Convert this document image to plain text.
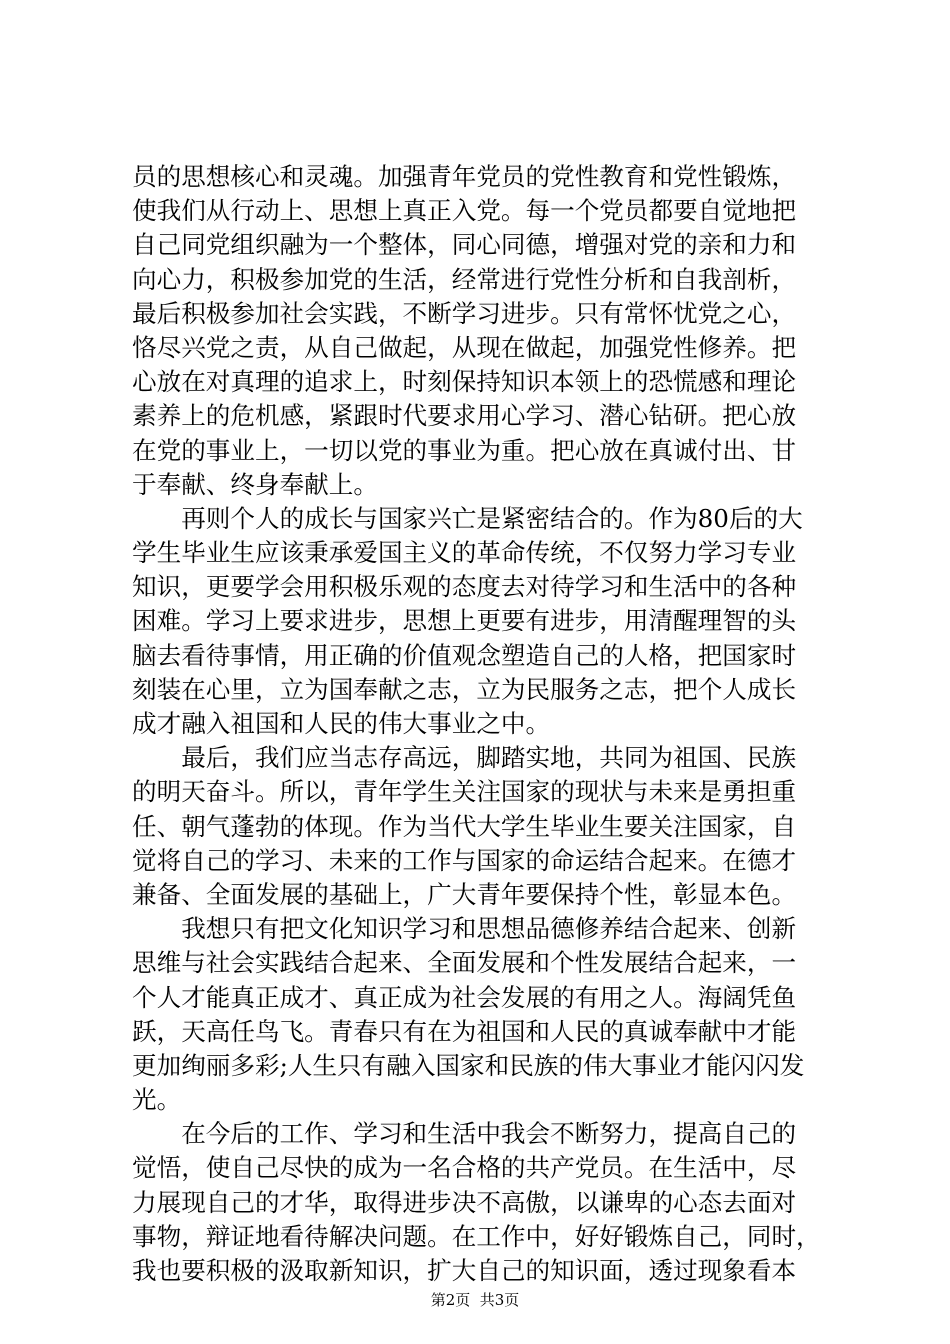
员的思想核心和灵魂。加强青年党员的党性教育和党性锻炼，
使我们从行动上、思想上真正入党。每一个党员都要自觉地把
自己同党组织融为一个整体，同心同德，增强对党的亲和力和
向心力，积极参加党的生活，经常进行党性分析和自我剖析，
最后积极参加社会实践，不断学习进步。只有常怀忧党之心，
恪尽兴党之责，从自己做起，从现在做起，加强党性修养。把
心放在对真理的追求上，时刻保持知识本领上的恐慌感和理论
素养上的危机感，紧跟时代要求用心学习、潜心钻研。把心放
在党的事业上，一切以党的事业为重。把心放在真诚付出、甘
于奉献、终身奉献上。
　　再则个人的成长与国家兴亡是紧密结合的。作为80后的大
学生毕业生应该秉承爱国主义的革命传统，不仅努力学习专业
知识，更要学会用积极乐观的态度去对待学习和生活中的各种
困难。学习上要求进步，思想上更要有进步，用清醒理智的头
脑去看待事情，用正确的价值观念塑造自己的人格，把国家时
刻装在心里，立为国奉献之志，立为民服务之志，把个人成长
成才融入祖国和人民的伟大事业之中。
　　最后，我们应当志存高远，脚踏实地，共同为祖国、民族
的明天奋斗。所以，青年学生关注国家的现状与未来是勇担重
任、朝气蓬勃的体现。作为当代大学生毕业生要关注国家，自
觉将自己的学习、未来的工作与国家的命运结合起来。在德才
兼备、全面发展的基础上，广大青年要保持个性，彰显本色。
　　我想只有把文化知识学习和思想品德修养结合起来、创新
思维与社会实践结合起来、全面发展和个性发展结合起来，一
个人才能真正成才、真正成为社会发展的有用之人。海阔凭鱼
跃，天高任鸟飞。青春只有在为祖国和人民的真诚奉献中才能
更加绚丽多彩;人生只有融入国家和民族的伟大事业才能闪闪发
光。
　　在今后的工作、学习和生活中我会不断努力，提高自己的
觉悟，使自己尽快的成为一名合格的共产党员。在生活中，尽
力展现自己的才华，取得进步决不高傲，以谦卑的心态去面对
事物，辩证地看待解决问题。在工作中，好好锻炼自己，同时，
我也要积极的汲取新知识，扩大自己的知识面，透过现象看本
第2页  共3页
